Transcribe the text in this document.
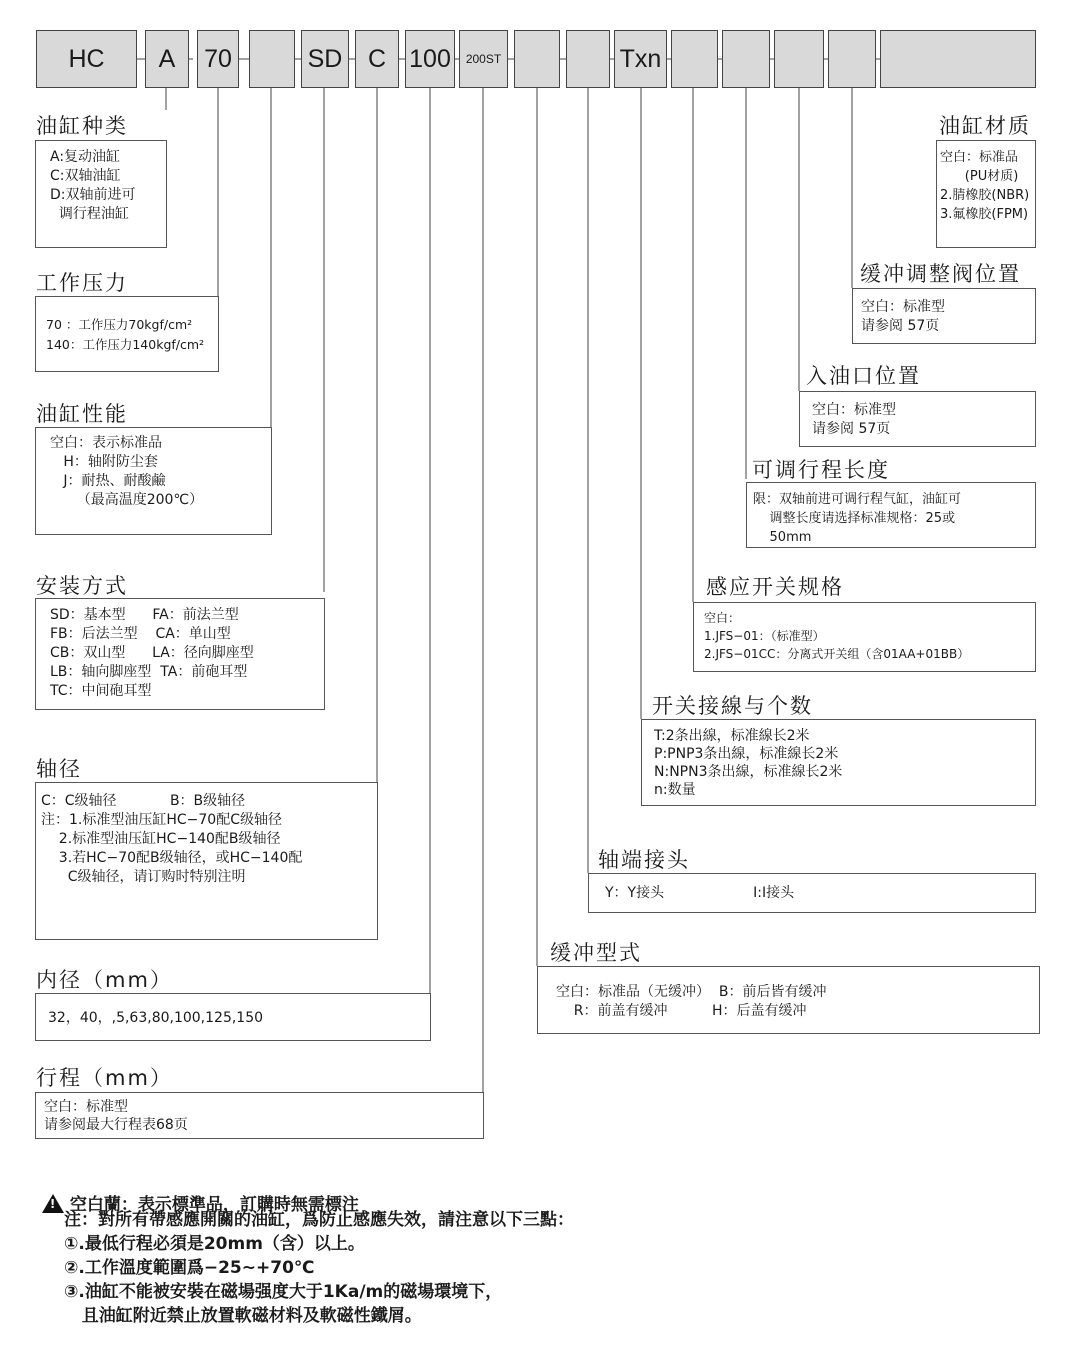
HC	A	70	SD	C 100	200ST	Txn
油缸种类
A:复动油缸
C:双轴油缸
D:双轴前进可
调行程油缸
工作压力
70 ：工作压力70kgf/cm²
140：工作压力140kgf/cm²
油缸性能
空白：表示标准品
H：轴附防尘套
J：耐热、耐酸鹼
（最高温度200℃）
安装方式
SD：基本型      FA：前法兰型
FB：后法兰型    CA：单山型
CB：双山型      LA：径向脚座型
LB：轴向脚座型  TA：前砲耳型
TC：中间砲耳型
轴径
C：C级轴径            B：B级轴径
注：1.标准型油压缸HC−70配C级轴径
2.标准型油压缸HC−140配B级轴径
3.若HC−70配B级轴径，或HC−140配
C级轴径，请订购时特别注明
内径（mm）
32，40，,5,63,80,100,125,150
行程（mm）
空白：标准型
请参阅最大行程表68页
油缸材质
空白：标准品
(PU材质)
2.腈橡胶(NBR)
3.氟橡胶(FPM)
缓冲调整阀位置
空白：标准型
请参阅 57页
入油口位置
空白：标准型
请参阅 57页
可调行程长度
限：双轴前进可调行程气缸，油缸可
调整长度请选择标准规格：25或
50mm
感应开关规格
空白：
1.JFS−01：（标准型）
2.JFS−01CC：分离式开关组（含01AA+01BB）
开关接線与个数
T:2条出線，标准線长2米
P:PNP3条出線，标准線长2米
N:NPN3条出線，标准線长2米
n:数量
轴端接头
Y：Y接头                    I:I接头
缓冲型式
空白：标准品（无缓冲）  B：前后皆有缓冲
R：前盖有缓冲          H：后盖有缓冲

!空白蘭：表示標準品，訂購時無需標注

注：對所有帶感應開關的油缸，爲防止感應失效，請注意以下三點：
①.最低行程必須是20mm（含）以上。
②.工作溫度範圍爲−25~+70℃
③.油缸不能被安裝在磁場强度大于1Ka/m的磁場環境下，
且油缸附近禁止放置軟磁材料及軟磁性鐵屑。
